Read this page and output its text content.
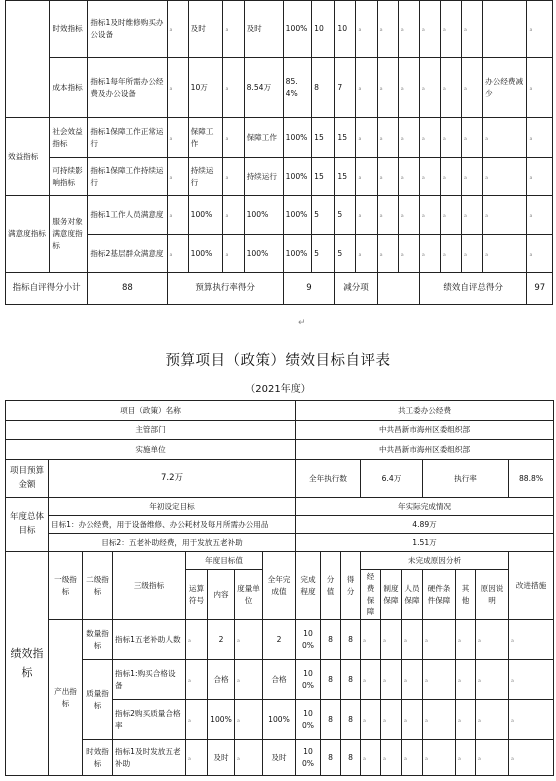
	时效指标	指标1及时维修购买办公设备	ₐ	及时	ₐ	及时	100%	10	10	ₐ	ₐ	ₐ	ₐ	ₐ	ₐ		ₐ
	成本指标	指标1每年所需办公经费及办公设备	ₐ	10万	ₐ	8.54万	85.4%	8	7	ₐ	ₐ	ₐ	ₐ	ₐ	ₐ	办公经费减少	ₐ
效益指标	社会效益指标	指标1保障工作正常运行	ₐ	保障工作	ₐ	保障工作	100%	15	15	ₐ	ₐ	ₐ	ₐ	ₐ	ₐ	ₐ	ₐ
	可持续影响指标	指标1保障工作持续运行	ₐ	持续运行	ₐ	持续运行	100%	15	15	ₐ	ₐ	ₐ	ₐ	ₐ	ₐ	ₐ	ₐ
满意度指标	服务对象满意度指标	指标1工作人员满意度	ₐ	100%	ₐ	100%	100%	5	5	ₐ	ₐ	ₐ	ₐ	ₐ	ₐ	ₐ	ₐ
		指标2基层群众满意度	ₐ	100%	ₐ	100%	100%	5	5	ₐ	ₐ	ₐ	ₐ	ₐ	ₐ	ₐ	ₐ
指标自评得分小计		88	预算执行率得分				9		减分项				绩效自评总得分				97
↵
预算项目（政策）绩效目标自评表
（2021年度）
项目（政策）名称								共工委办公经费									
主管部门								中共昌新市海州区委组织部									
实施单位								中共昌新市海州区委组织部									
项目预算金额	7.2万							全年执行数			6.4万			执行率			88.8%
年度总体目标	年初设定目标							年实际完成情况									
	目标1：办公经费，用于设备维修、办公耗材及每月所需办公用品							4.89万									
	目标2：五老补助经费，用于发放五老补助							1.51万									
绩效指标	一级指标	二级指标	三级指标	年度目标值			全年完成值	完成程度	分值	得分	未完成原因分析						改进措施
				运算符号	内容	度量单位					经费保障	制度保障	人员保障	硬件条件保障	其他	原因说明	
	产出指标	数量指标	指标1五老补助人数	ₐ	2	ₐ	2	100%	8	8	ₐ	ₐ	ₐ	ₐ	ₐ	ₐ	ₐ
		质量指标	指标1:购买合格设备	ₐ	合格	ₐ	合格	100%	8	8	ₐ	ₐ	ₐ	ₐ	ₐ	ₐ	ₐ
			指标2购买质量合格率	ₐ	100%	ₐ	100%	100%	8	8	ₐ	ₐ	ₐ	ₐ	ₐ	ₐ	ₐ
		时效指标	指标1及时发放五老补助	ₐ	及时	ₐ	及时	100%	8	8	ₐ	ₐ	ₐ	ₐ	ₐ	ₐ	ₐ
